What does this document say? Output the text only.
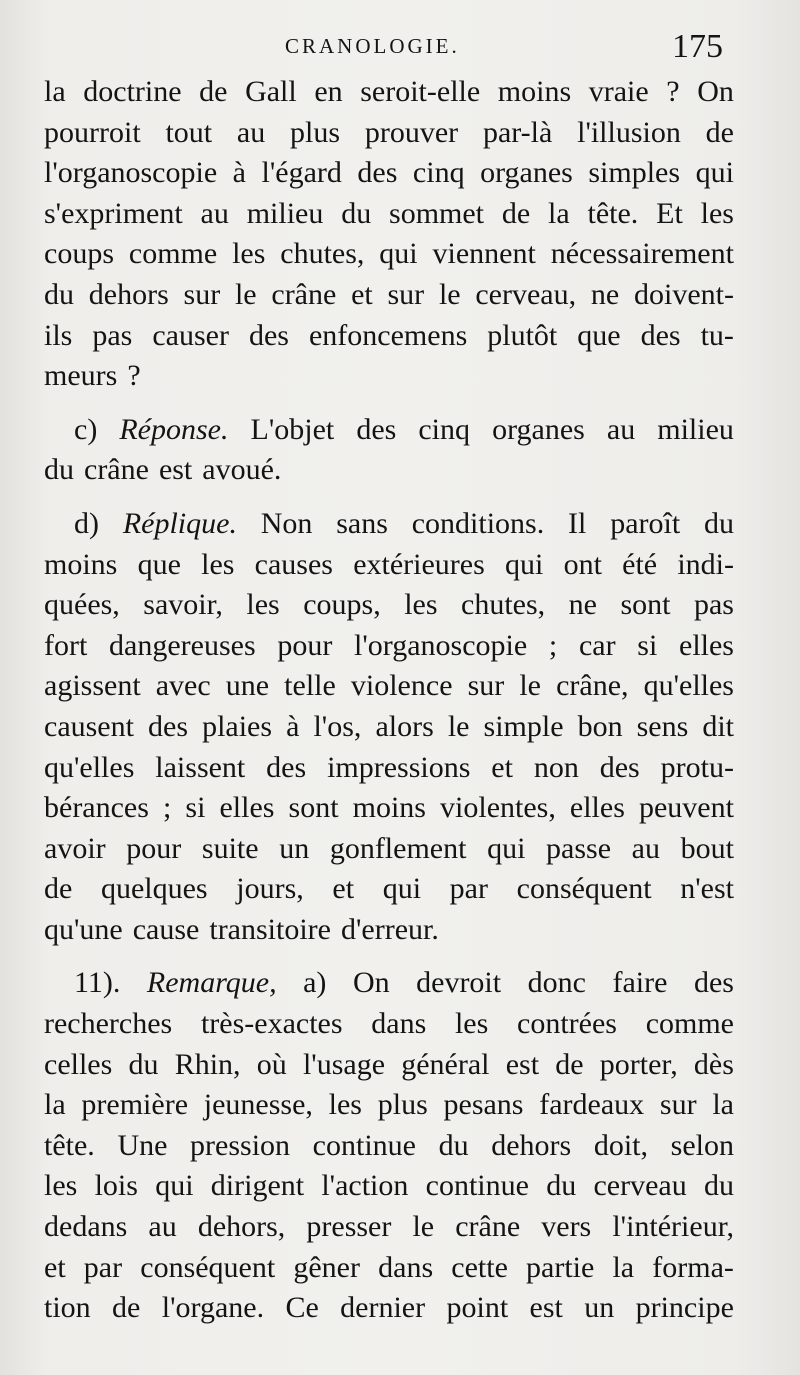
CRANOLOGIE.	175
la doctrine de Gall en seroit-elle moins vraie ? On
pourroit tout au plus prouver par-là l'illusion de
l'organoscopie à l'égard des cinq organes simples qui
s'expriment au milieu du sommet de la tête. Et les
coups comme les chutes, qui viennent nécessairement
du dehors sur le crâne et sur le cerveau, ne doivent-
ils pas causer des enfoncemens plutôt que des tu-
meurs ?
c) Réponse. L'objet des cinq organes au milieu
du crâne est avoué.
d) Réplique. Non sans conditions. Il paroît du
moins que les causes extérieures qui ont été indi-
quées, savoir, les coups, les chutes, ne sont pas
fort dangereuses pour l'organoscopie ; car si elles
agissent avec une telle violence sur le crâne, qu'elles
causent des plaies à l'os, alors le simple bon sens dit
qu'elles laissent des impressions et non des protu-
bérances ; si elles sont moins violentes, elles peuvent
avoir pour suite un gonflement qui passe au bout
de quelques jours, et qui par conséquent n'est
qu'une cause transitoire d'erreur.
11). Remarque, a) On devroit donc faire des
recherches très-exactes dans les contrées comme
celles du Rhin, où l'usage général est de porter, dès
la première jeunesse, les plus pesans fardeaux sur la
tête. Une pression continue du dehors doit, selon
les lois qui dirigent l'action continue du cerveau du
dedans au dehors, presser le crâne vers l'intérieur,
et par conséquent gêner dans cette partie la forma-
tion de l'organe. Ce dernier point est un principe
